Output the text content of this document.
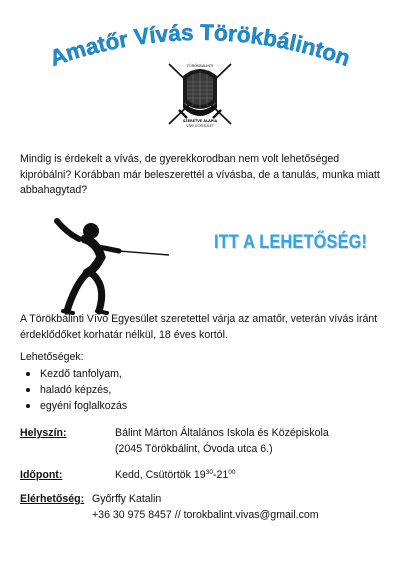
Amatőr Vívás Törökbálinton
TÖRÖKBÁLINTI
SZERETVE ALAPÍA
VÍVÓ EGYESÜLET

Mindig is érdekelt a vívás, de gyerekkorodban nem volt lehetőséged kipróbálni? Korábban már beleszerettél a vívásba, de a tanulás, munka miatt abbahagytad?

ITT A LEHETŐSÉG!

A Törökbálinti Vívó Egyesület szeretettel várja az amatőr, veterán vívás iránt érdeklődőket korhatár nélkül, 18 éves kortól.

Lehetőségek:
Kezdő tanfolyam,
haladó képzés,
egyéni foglalkozás
Helyszín:	Bálint Márton Általános Iskola és Középiskola
(2045 Törökbálint, Óvoda utca 6.)
Időpont:	Kedd, Csütörtök $19^{30}-21^{00}$
Elérhetőség: Győrffy Katalin
+36 30 975 8457 // torokbalint.vivas@gmail.com
